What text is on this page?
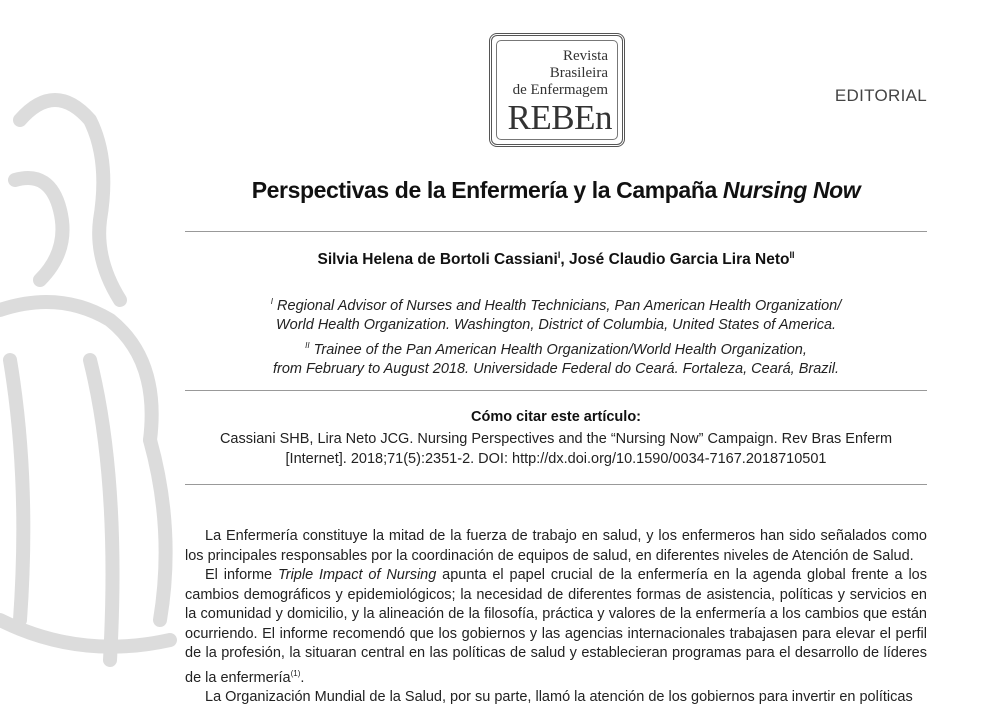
Revista
Brasileira
de Enfermagem
REBEn
EDITORIAL
Perspectivas de la Enfermería y la Campaña Nursing Now
Silvia Helena de Bortoli Cassiani$^I$, José Claudio Garcia Lira Neto$^{II}$
$^I$ Regional Advisor of Nurses and Health Technicians, Pan American Health Organization/
World Health Organization. Washington, District of Columbia, United States of America.
$^{II}$ Trainee of the Pan American Health Organization/World Health Organization,
from February to August 2018. Universidade Federal do Ceará. Fortaleza, Ceará, Brazil.
Cómo citar este artículo:
Cassiani SHB, Lira Neto JCG. Nursing Perspectives and the “Nursing Now” Campaign. Rev Bras Enferm
[Internet]. 2018;71(5):2351-2. DOI: http://dx.doi.org/10.1590/0034-7167.2018710501

La Enfermería constituye la mitad de la fuerza de trabajo en salud, y los enfermeros han sido señalados como los principales responsables por la coordinación de equipos de salud, en diferentes niveles de Atención de Salud.

El informe Triple Impact of Nursing apunta el papel crucial de la enfermería en la agenda global frente a los cambios demográficos y epidemiológicos; la necesidad de diferentes formas de asistencia, políticas y servicios en la comunidad y domicilio, y la alineación de la filosofía, práctica y valores de la enfermería a los cambios que están ocurriendo. El informe recomendó que los gobiernos y las agencias internacionales trabajasen para elevar el perfil de la profesión, la situaran central en las políticas de salud y establecieran programas para el desarrollo de líderes de la enfermería$^{(1)}$.

La Organización Mundial de la Salud, por su parte, llamó la atención de los gobiernos para invertir en políticas
